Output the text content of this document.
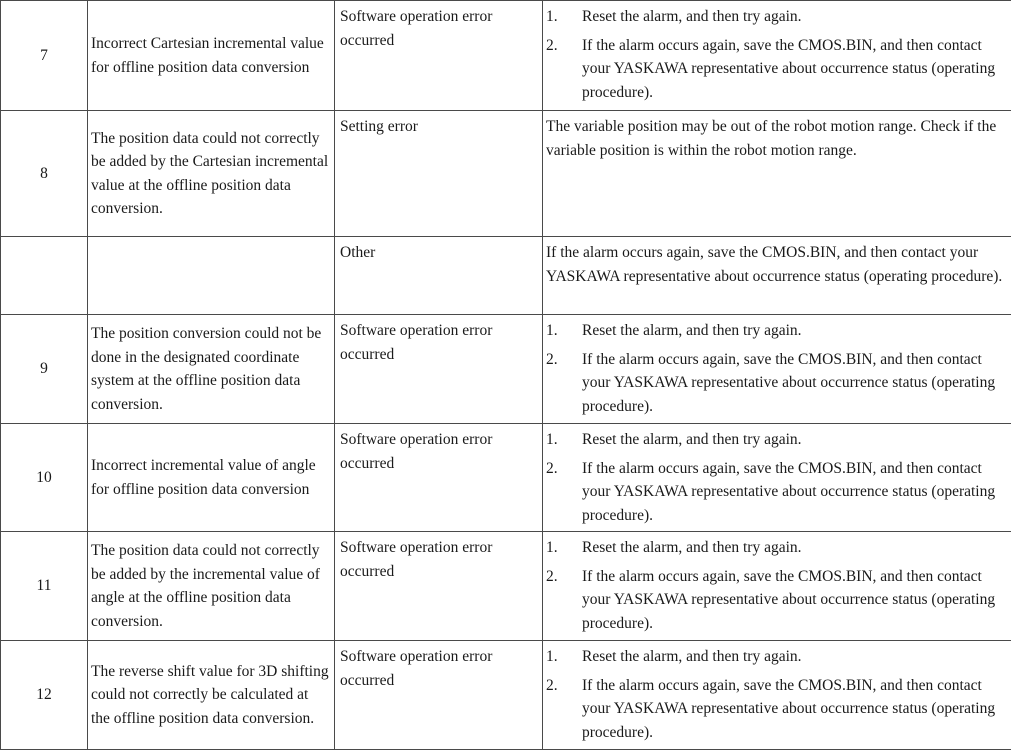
7	Incorrect Cartesian incremental value for offline position data conversion	Software operation error occurred	1. Reset the alarm, and then try again.
2. If the alarm occurs again, save the CMOS.BIN, and then contact your YASKAWA representative about occurrence status (operating procedure).

8	The position data could not correctly be added by the Cartesian incremental value at the offline position data conversion.	Setting error	The variable position may be out of the robot motion range. Check if the variable position is within the robot motion range.

		Other	If the alarm occurs again, save the CMOS.BIN, and then contact your YASKAWA representative about occurrence status (operating procedure).

9	The position conversion could not be done in the designated coordinate system at the offline position data conversion.	Software operation error occurred	1. Reset the alarm, and then try again.
2. If the alarm occurs again, save the CMOS.BIN, and then contact your YASKAWA representative about occurrence status (operating procedure).

10	Incorrect incremental value of angle for offline position data conversion	Software operation error occurred	1. Reset the alarm, and then try again.
2. If the alarm occurs again, save the CMOS.BIN, and then contact your YASKAWA representative about occurrence status (operating procedure).

11	The position data could not correctly be added by the incremental value of angle at the offline position data conversion.	Software operation error occurred	1. Reset the alarm, and then try again.
2. If the alarm occurs again, save the CMOS.BIN, and then contact your YASKAWA representative about occurrence status (operating procedure).

12	The reverse shift value for 3D shifting could not correctly be calculated at the offline position data conversion.	Software operation error occurred	1. Reset the alarm, and then try again.
2. If the alarm occurs again, save the CMOS.BIN, and then contact your YASKAWA representative about occurrence status (operating procedure).
